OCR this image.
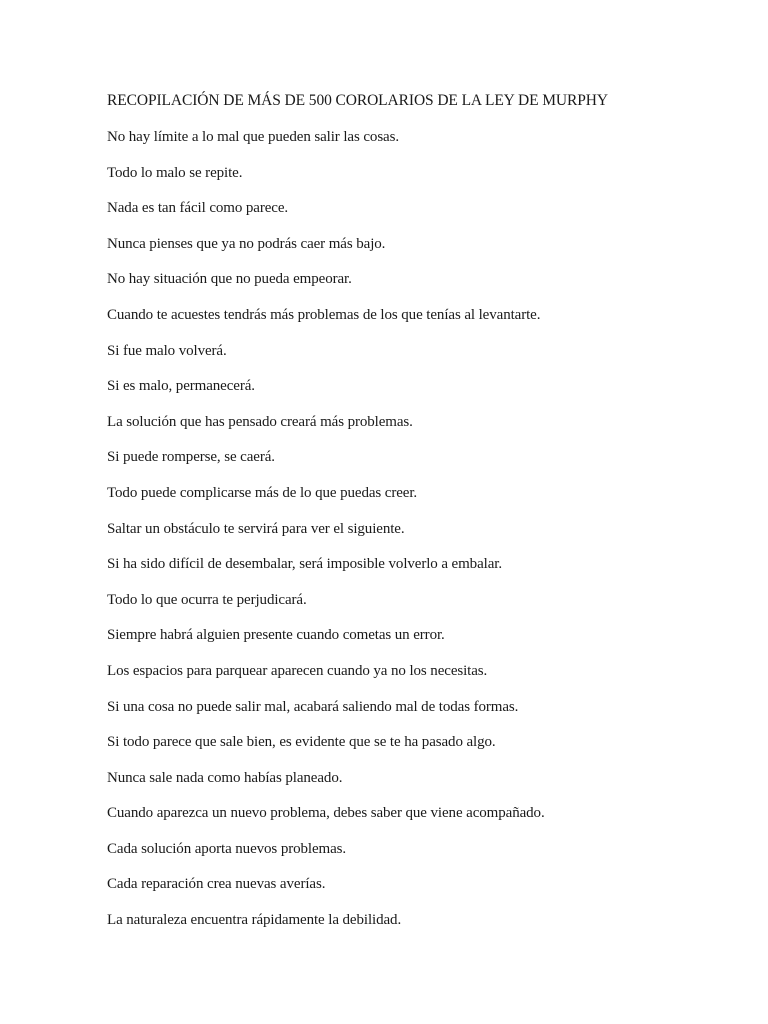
RECOPILACIÓN DE MÁS DE 500 COROLARIOS DE LA LEY DE MURPHY
No hay límite a lo mal que pueden salir las cosas.
Todo lo malo se repite.
Nada es tan fácil como parece.
Nunca pienses que ya no podrás caer más bajo.
No hay situación que no pueda empeorar.
Cuando te acuestes tendrás más problemas de los que tenías al levantarte.
Si fue malo volverá.
Si es malo, permanecerá.
La solución que has pensado creará más problemas.
Si puede romperse, se caerá.
Todo puede complicarse más de lo que puedas creer.
Saltar un obstáculo te servirá para ver el siguiente.
Si ha sido difícil de desembalar, será imposible volverlo a embalar.
Todo lo que ocurra te perjudicará.
Siempre habrá alguien presente cuando cometas un error.
Los espacios para parquear aparecen cuando ya no los necesitas.
Si una cosa no puede salir mal, acabará saliendo mal de todas formas.
Si todo parece que sale bien, es evidente que se te ha pasado algo.
Nunca sale nada como habías planeado.
Cuando aparezca un nuevo problema, debes saber que viene acompañado.
Cada solución aporta nuevos problemas.
Cada reparación crea nuevas averías.
La naturaleza encuentra rápidamente la debilidad.
